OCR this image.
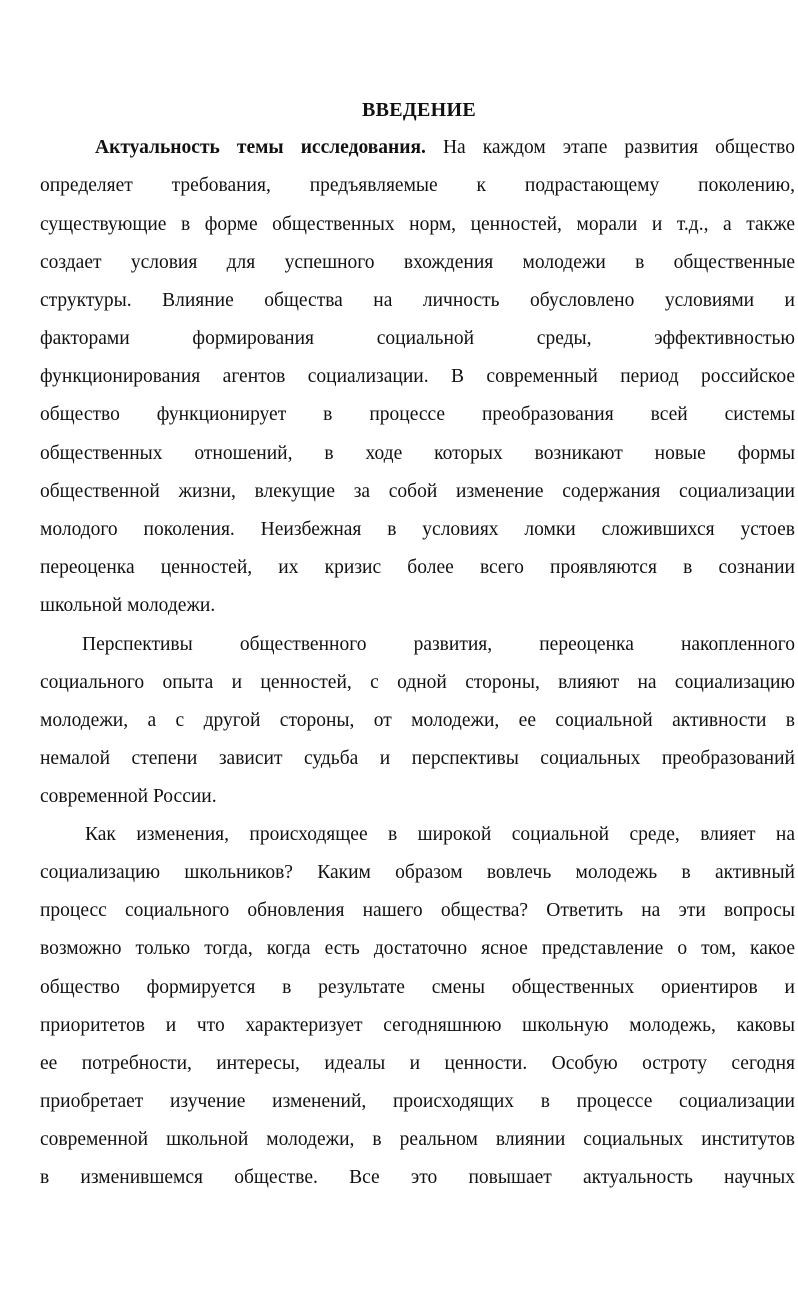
ВВЕДЕНИЕ
Актуальность темы исследования. На каждом этапе развития общество
определяет требования, предъявляемые к подрастающему поколению,
существующие в форме общественных норм, ценностей, морали и т.д., а также
создает условия для успешного вхождения молодежи в общественные
структуры. Влияние общества на личность обусловлено условиями и
факторами формирования социальной среды, эффективностью
функционирования агентов социализации. В современный период российское
общество функционирует в процессе преобразования всей системы
общественных отношений, в ходе которых возникают новые формы
общественной жизни, влекущие за собой изменение содержания социализации
молодого поколения. Неизбежная в условиях ломки сложившихся устоев
переоценка ценностей, их кризис более всего проявляются в сознании
школьной молодежи.
Перспективы общественного развития, переоценка накопленного
социального опыта и ценностей, с одной стороны, влияют на социализацию
молодежи, а с другой стороны, от молодежи, ее социальной активности в
немалой степени зависит судьба и перспективы социальных преобразований
современной России.
Как изменения, происходящее в широкой социальной среде, влияет на
социализацию школьников? Каким образом вовлечь молодежь в активный
процесс социального обновления нашего общества? Ответить на эти вопросы
возможно только тогда, когда есть достаточно ясное представление о том, какое
общество формируется в результате смены общественных ориентиров и
приоритетов и что характеризует сегодняшнюю школьную молодежь, каковы
ее потребности, интересы, идеалы и ценности. Особую остроту сегодня
приобретает изучение изменений, происходящих в процессе социализации
современной школьной молодежи, в реальном влиянии социальных институтов
в изменившемся обществе. Все это повышает актуальность научных
